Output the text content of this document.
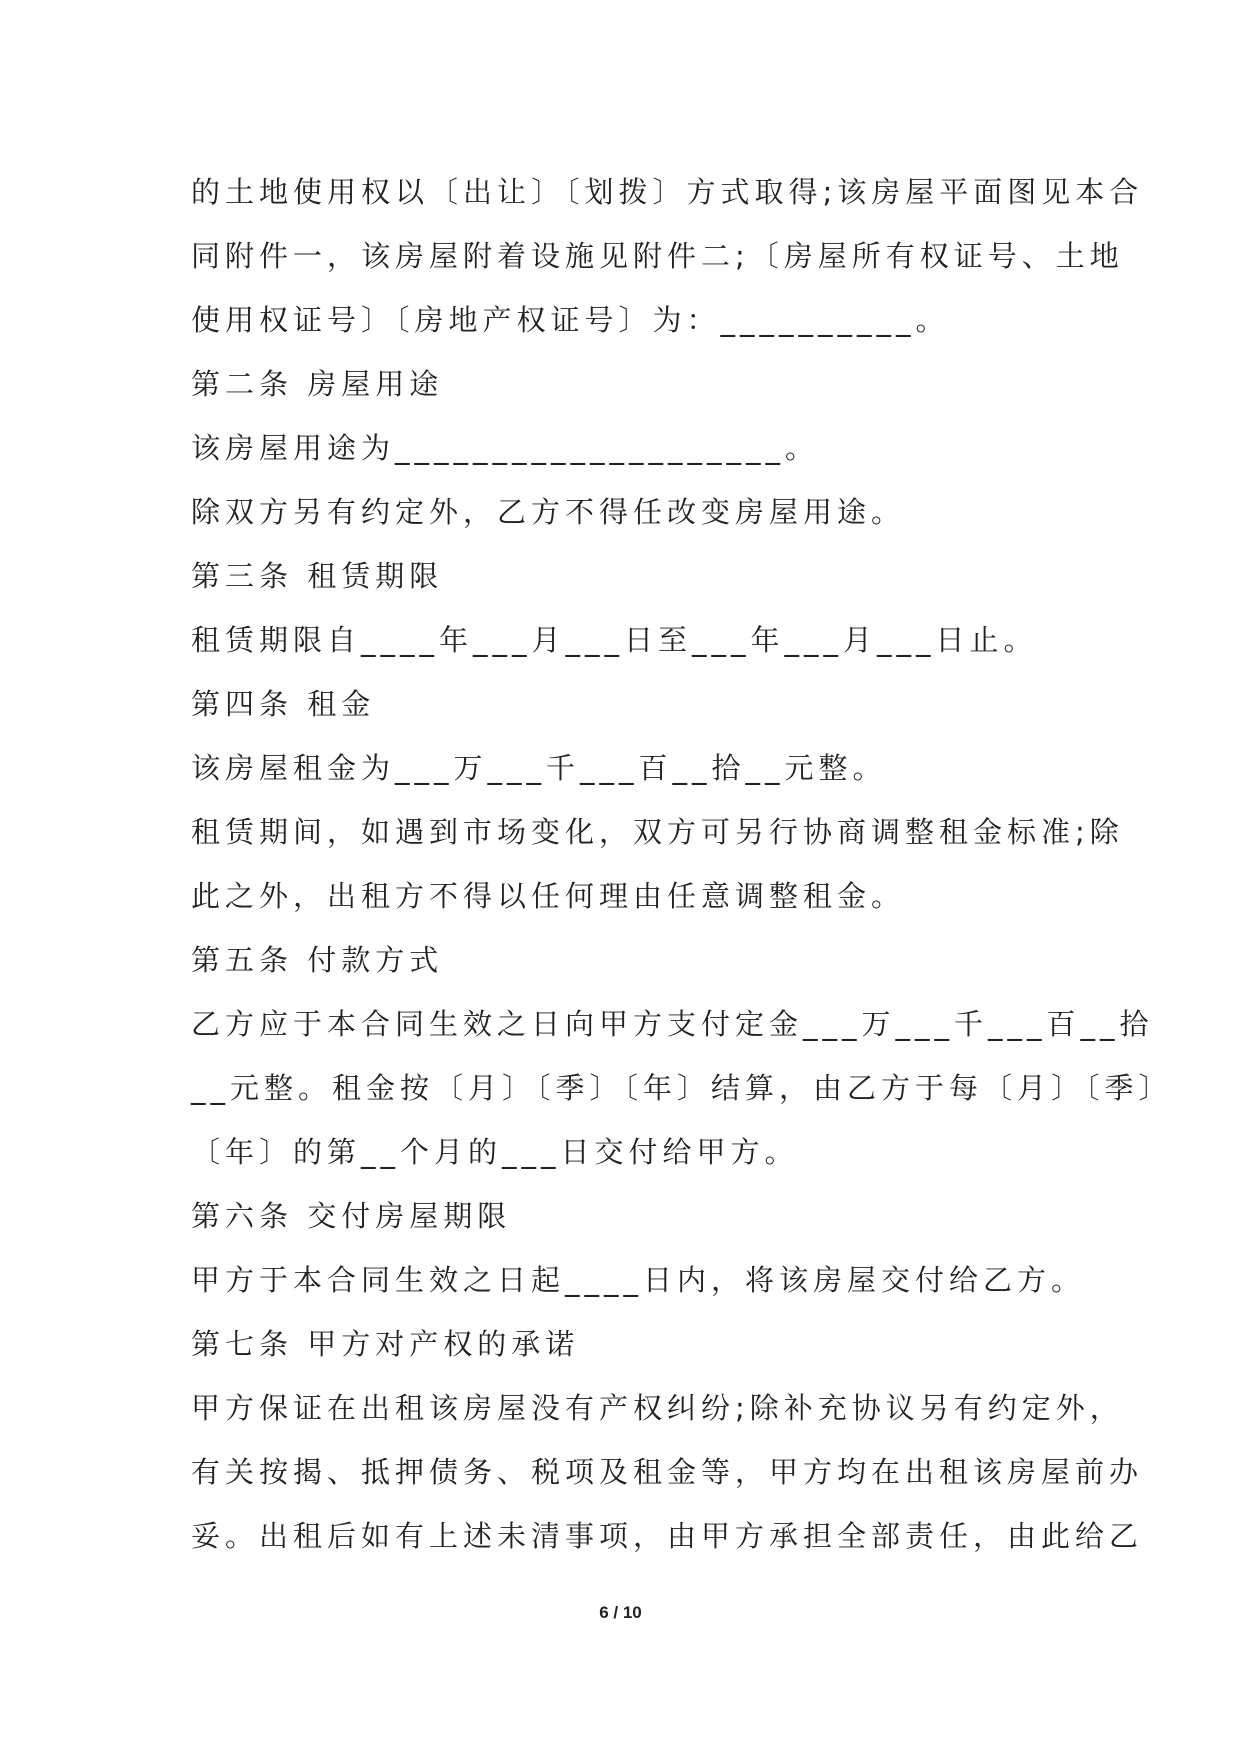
的土地使用权以〔出让〕〔划拨〕方式取得;该房屋平面图见本合
同附件一，该房屋附着设施见附件二;〔房屋所有权证号、土地
使用权证号〕〔房地产权证号〕为：__________。
第二条 房屋用途
该房屋用途为____________________。
除双方另有约定外，乙方不得任改变房屋用途。
第三条 租赁期限
租赁期限自____年___月___日至___年___月___日止。
第四条 租金
该房屋租金为___万___千___百__拾__元整。
租赁期间，如遇到市场变化，双方可另行协商调整租金标准;除
此之外，出租方不得以任何理由任意调整租金。
第五条 付款方式
乙方应于本合同生效之日向甲方支付定金___万___千___百__拾
__元整。租金按〔月〕〔季〕〔年〕结算，由乙方于每〔月〕〔季〕
〔年〕的第__个月的___日交付给甲方。
第六条 交付房屋期限
甲方于本合同生效之日起____日内，将该房屋交付给乙方。
第七条 甲方对产权的承诺
甲方保证在出租该房屋没有产权纠纷;除补充协议另有约定外，
有关按揭、抵押债务、税项及租金等，甲方均在出租该房屋前办
妥。出租后如有上述未清事项，由甲方承担全部责任，由此给乙
6 / 10
